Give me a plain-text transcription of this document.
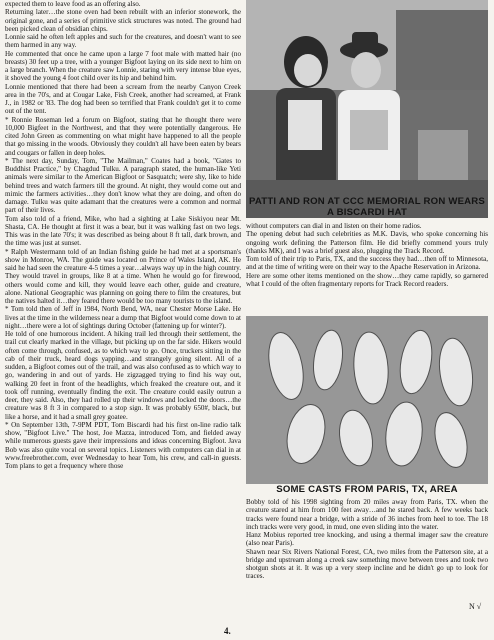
expected them to leave food as an offering also.

Returning later…the stone oven had been rebuilt with an inferior stonework, the original gone, and a series of primitive stick structures was noted. The ground had been picked clean of obsidian chips.

Lonnie said he often left apples and such for the creatures, and doesn't want to see them harmed in any way.

He commented that once he came upon a large 7 foot male with matted hair (no breasts) 30 feet up a tree, with a younger Bigfoot laying on its side next to him on a large branch. When the creature saw Lonnie, staring with very intense blue eyes, it shoved the young 4 foot child over its hip and behind him.

Lonnie mentioned that there had been a scream from the nearby Canyon Creek area in the 70's, and at Cougar Lake, Fish Creek, another had screamed, at Frank J., in 1982 or '83. The dog had been so terrified that Frank couldn't get it to come out of the tent.

* Ronnie Roseman led a forum on Bigfoot, stating that he thought there were 10,000 Bigfeet in the Northwest, and that they were potentially dangerous. He cited John Green as commenting on what might have happened to all the people that go missing in the woods. Obviously they couldn't all have been eaten by bears and cougars or fallen in deep holes.

* The next day, Sunday, Tom, "The Mailman," Coates had a book, "Gates to Buddhist Practice," by Chagdud Tulku. A paragraph stated, the human-like Yeti animals were similar to the American Bigfoot or Sasquatch; were shy, like to hide behind trees and watch farmers till the ground. At night, they would come out and mimic the farmers activities…they don't know what they are doing, and often do damage. Tulku was quite adamant that the creatures were a common and normal part of their lives.

Tom also told of a friend, Mike, who had a sighting at Lake Siskiyou near Mt. Shasta, CA. He thought at first it was a bear, but it was walking fast on two legs. This was in the late 70's; it was described as being about 8 ft tall, dark brown, and the time was just at sunset.

* Ralph Westermann told of an Indian fishing guide he had met at a sportsman's show in Monroe, WA. The guide was located on Prince of Wales Island, AK. He said he had seen the creature 4-5 times a year…always way up in the high country. They would travel in groups, like 8 at a time. When he would go for firewood, others would come and kill, they would leave each other, guide and creature, alone. National Geographic was planning on going there to film the creatures, but the natives halted it…they feared there would be too many tourists to the island.

* Tom told then of Jeff in 1984, North Bend, WA, near Chester Morse Lake. He lives at the time in the wilderness near a dump that Bigfoot would come down to at night…there were a lot of sightings during October (fattening up for winter?).

He told of one humorous incident. A hiking trail led through their settlement, the trail cut clearly marked in the village, but picking up on the far side. Hikers would often come through, confused, as to which way to go. Once, truckers sitting in the cab of their truck, heard dogs yapping…and strangely going silent. All of a sudden, a Bigfoot comes out of the trail, and was also confused as to which way to go, wandering in and out of yards. He zigzagged trying to find his way out, walking 20 feet in front of the headlights, which freaked the creature out, and it took off running, eventually finding the exit. The creature could easily outrun a deer, they said. Also, they had rolled up their windows and locked the doors…the creature was 8 ft 3 in compared to a stop sign. It was probably 650#, black, but like a horse, and it had a small grey goatee.

* On September 13th, 7-9PM PDT, Tom Biscardi had his first on-line radio talk show, "Bigfoot Live." The host, Joe Mazza, introduced Tom, and fielded away while numerous guests gave their impressions and ideas concerning Bigfoot. Java Bob was also quite vocal on several topics. Listeners with computers can dial in at www.freebrother.com, ever Wednesday to hear Tom, his crew, and call-in guests. Tom plans to get a frequency where those

PATTI AND RON AT CCC MEMORIAL RON WEARS A BISCARDI HAT

without computers can dial in and listen on their home radios.

The opening debut had such celebrities as M.K. Davis, who spoke concerning his ongoing work defining the Patterson film. He did briefly commend yours truly (thanks MK), and I was a brief guest also, plugging the Track Record.

Tom told of their trip to Paris, TX, and the success they had…then off to Minnesota, and at the time of writing were on their way to the Apache Reservation in Arizona.

Here are some other items mentioned on the show…they came rapidly, so garnered what I could of the often fragmentary reports for Track Record readers.

SOME CASTS FROM PARIS, TX, AREA

Bobby told of his 1998 sighting from 20 miles away from Paris, TX. when the creature stared at him from 100 feet away…and he stared back. A few weeks back tracks were found near a bridge, with a stride of 36 inches from heel to toe. The 18 inch tracks were very good, in mud, one even sliding into the water.

Hanz Mobius reported tree knocking, and using a thermal imager saw the creature (also near Paris).

Shawn near Six Rivers National Forest, CA, two miles from the Patterson site, at a bridge and upstream along a creek saw something move between trees and took two shotgun shots at it. It was up a very steep incline and he didn't go up to look for traces.

4.
N √
